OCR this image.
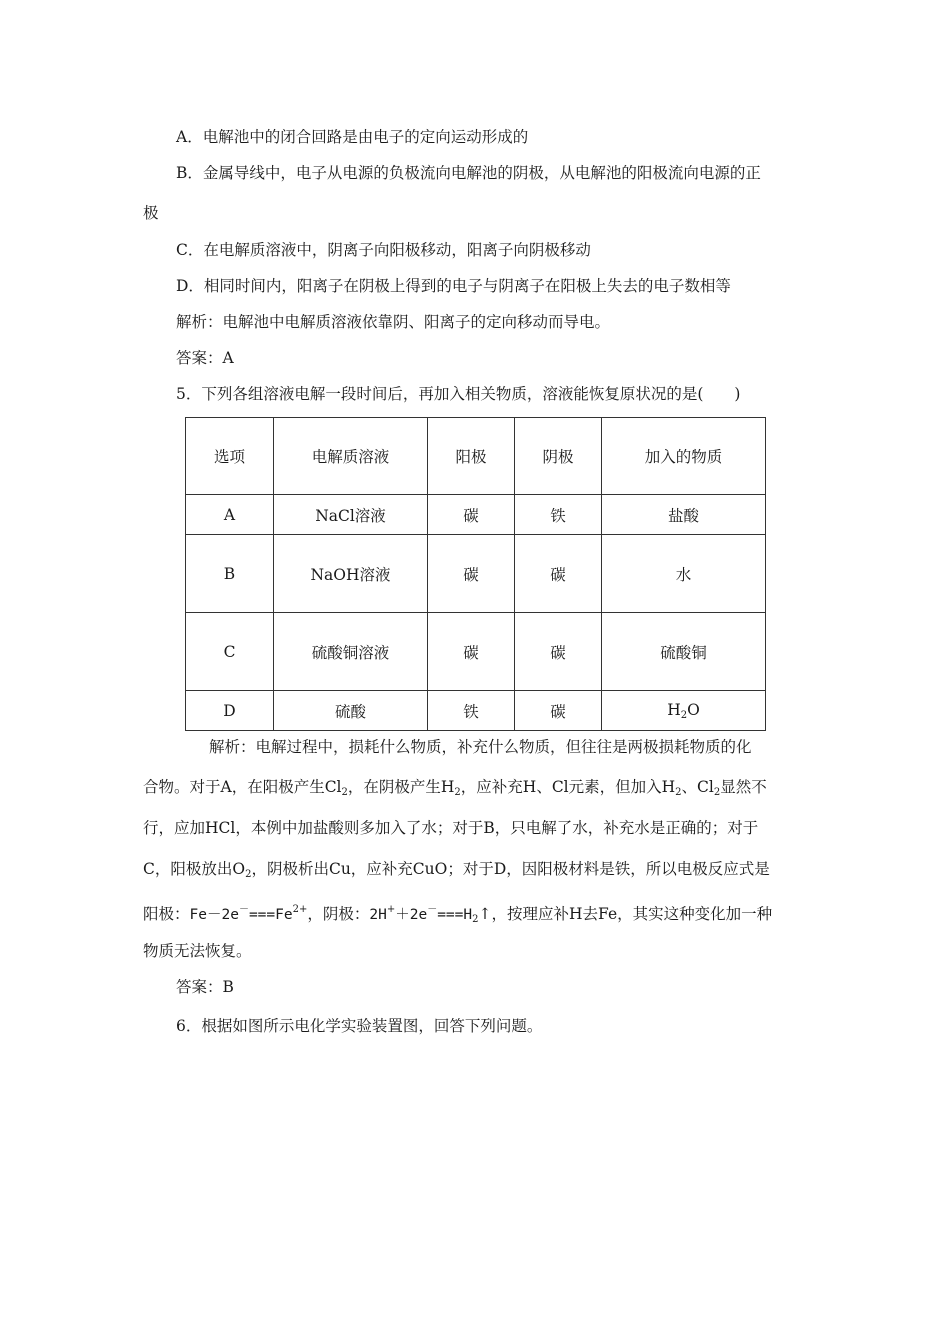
A．电解池中的闭合回路是由电子的定向运动形成的
B．金属导线中，电子从电源的负极流向电解池的阴极，从电解池的阳极流向电源的正
极
C．在电解质溶液中，阴离子向阳极移动，阳离子向阴极移动
D．相同时间内，阳离子在阴极上得到的电子与阴离子在阳极上失去的电子数相等
解析：电解池中电解质溶液依靠阴、阳离子的定向移动而导电。
答案：A
5．下列各组溶液电解一段时间后，再加入相关物质，溶液能恢复原状况的是(　　)
选项	电解质溶液	阳极	阴极	加入的物质
A	NaCl溶液	碳	铁	盐酸
B	NaOH溶液	碳	碳	水
C	硫酸铜溶液	碳	碳	硫酸铜
D	硫酸	铁	碳	$H_2O$
解析：电解过程中，损耗什么物质，补充什么物质，但往往是两极损耗物质的化
合物。对于A，在阳极产生$Cl_2$，在阴极产生$H_2$，应补充H、Cl元素，但加入$H_2$、$Cl_2$显然不
行，应加HCl，本例中加盐酸则多加入了水；对于B，只电解了水，补充水是正确的；对于
C，阳极放出$O_2$，阴极析出Cu，应补充CuO；对于D，因阳极材料是铁，所以电极反应式是
阳极：$Fe-2e^-===Fe^{2+}$，阴极：$2H^++2e^-===H_2↑$，按理应补H去Fe，其实这种变化加一种
物质无法恢复。
答案：B
6．根据如图所示电化学实验装置图，回答下列问题。
